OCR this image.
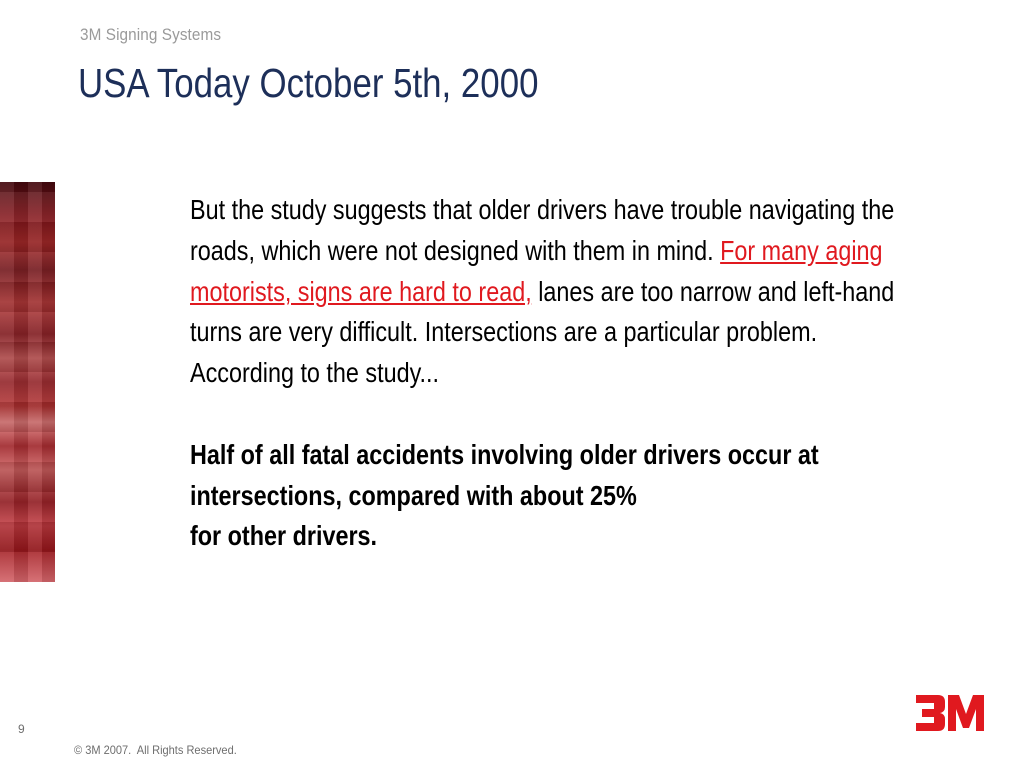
3M Signing Systems
USA Today October 5th, 2000

But the study suggests that older drivers have trouble navigating the roads, which were not designed with them in mind. For many aging motorists, signs are hard to read, lanes are too narrow and left-hand turns are very difficult. Intersections are a particular problem. According to the study...

Half of all fatal accidents involving older drivers occur at intersections, compared with about 25%
for other drivers.

9
© 3M 2007.  All Rights Reserved.
